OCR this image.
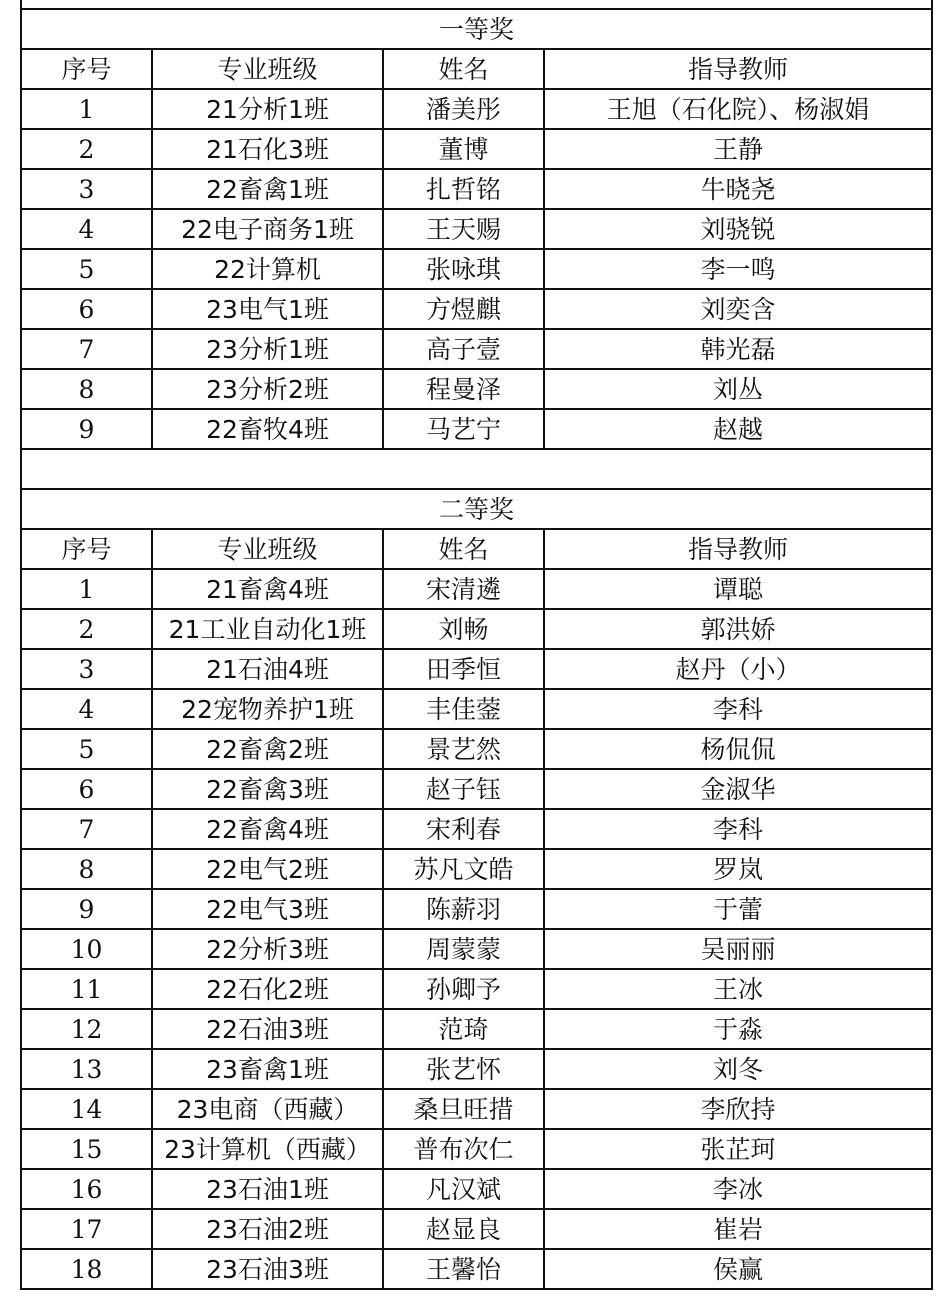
一等奖			
序号	专业班级	姓名	指导教师
1	21分析1班	潘美彤	王旭（石化院）、杨淑娟
2	21石化3班	董博	王静
3	22畜禽1班	扎哲铭	牛晓尧
4	22电子商务1班	王天赐	刘骁锐
5	22计算机	张咏琪	李一鸣
6	23电气1班	方煜麒	刘奕含
7	23分析1班	高子壹	韩光磊
8	23分析2班	程曼泽	刘丛
9	22畜牧4班	马艺宁	赵越

二等奖			
序号	专业班级	姓名	指导教师
1	21畜禽4班	宋清遴	谭聪
2	21工业自动化1班	刘畅	郭洪娇
3	21石油4班	田季恒	赵丹（小）
4	22宠物养护1班	丰佳蓥	李科
5	22畜禽2班	景艺然	杨侃侃
6	22畜禽3班	赵子钰	金淑华
7	22畜禽4班	宋利春	李科
8	22电气2班	苏凡文皓	罗岚
9	22电气3班	陈薪羽	于蕾
10	22分析3班	周蒙蒙	吴丽丽
11	22石化2班	孙卿予	王冰
12	22石油3班	范琦	于淼
13	23畜禽1班	张艺怀	刘冬
14	23电商（西藏）	桑旦旺措	李欣持
15	23计算机（西藏）	普布次仁	张芷珂
16	23石油1班	凡汉斌	李冰
17	23石油2班	赵显良	崔岩
18	23石油3班	王馨怡	侯赢
